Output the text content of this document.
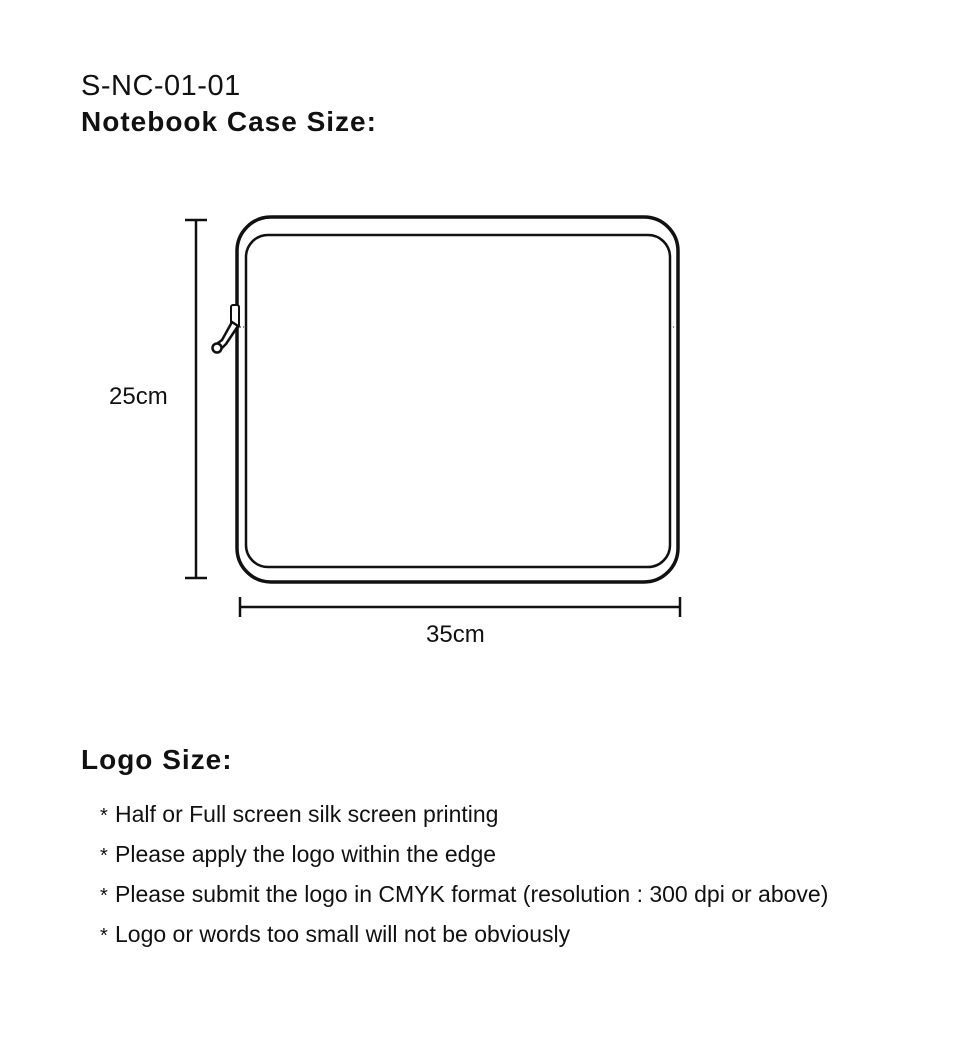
S-NC-01-01
Notebook Case Size:
25cm
35cm
Logo Size:
* Half or Full screen silk screen printing
* Please apply the logo within the edge
* Please submit the logo in CMYK format (resolution : 300 dpi or above)
* Logo or words too small will not be obviously
